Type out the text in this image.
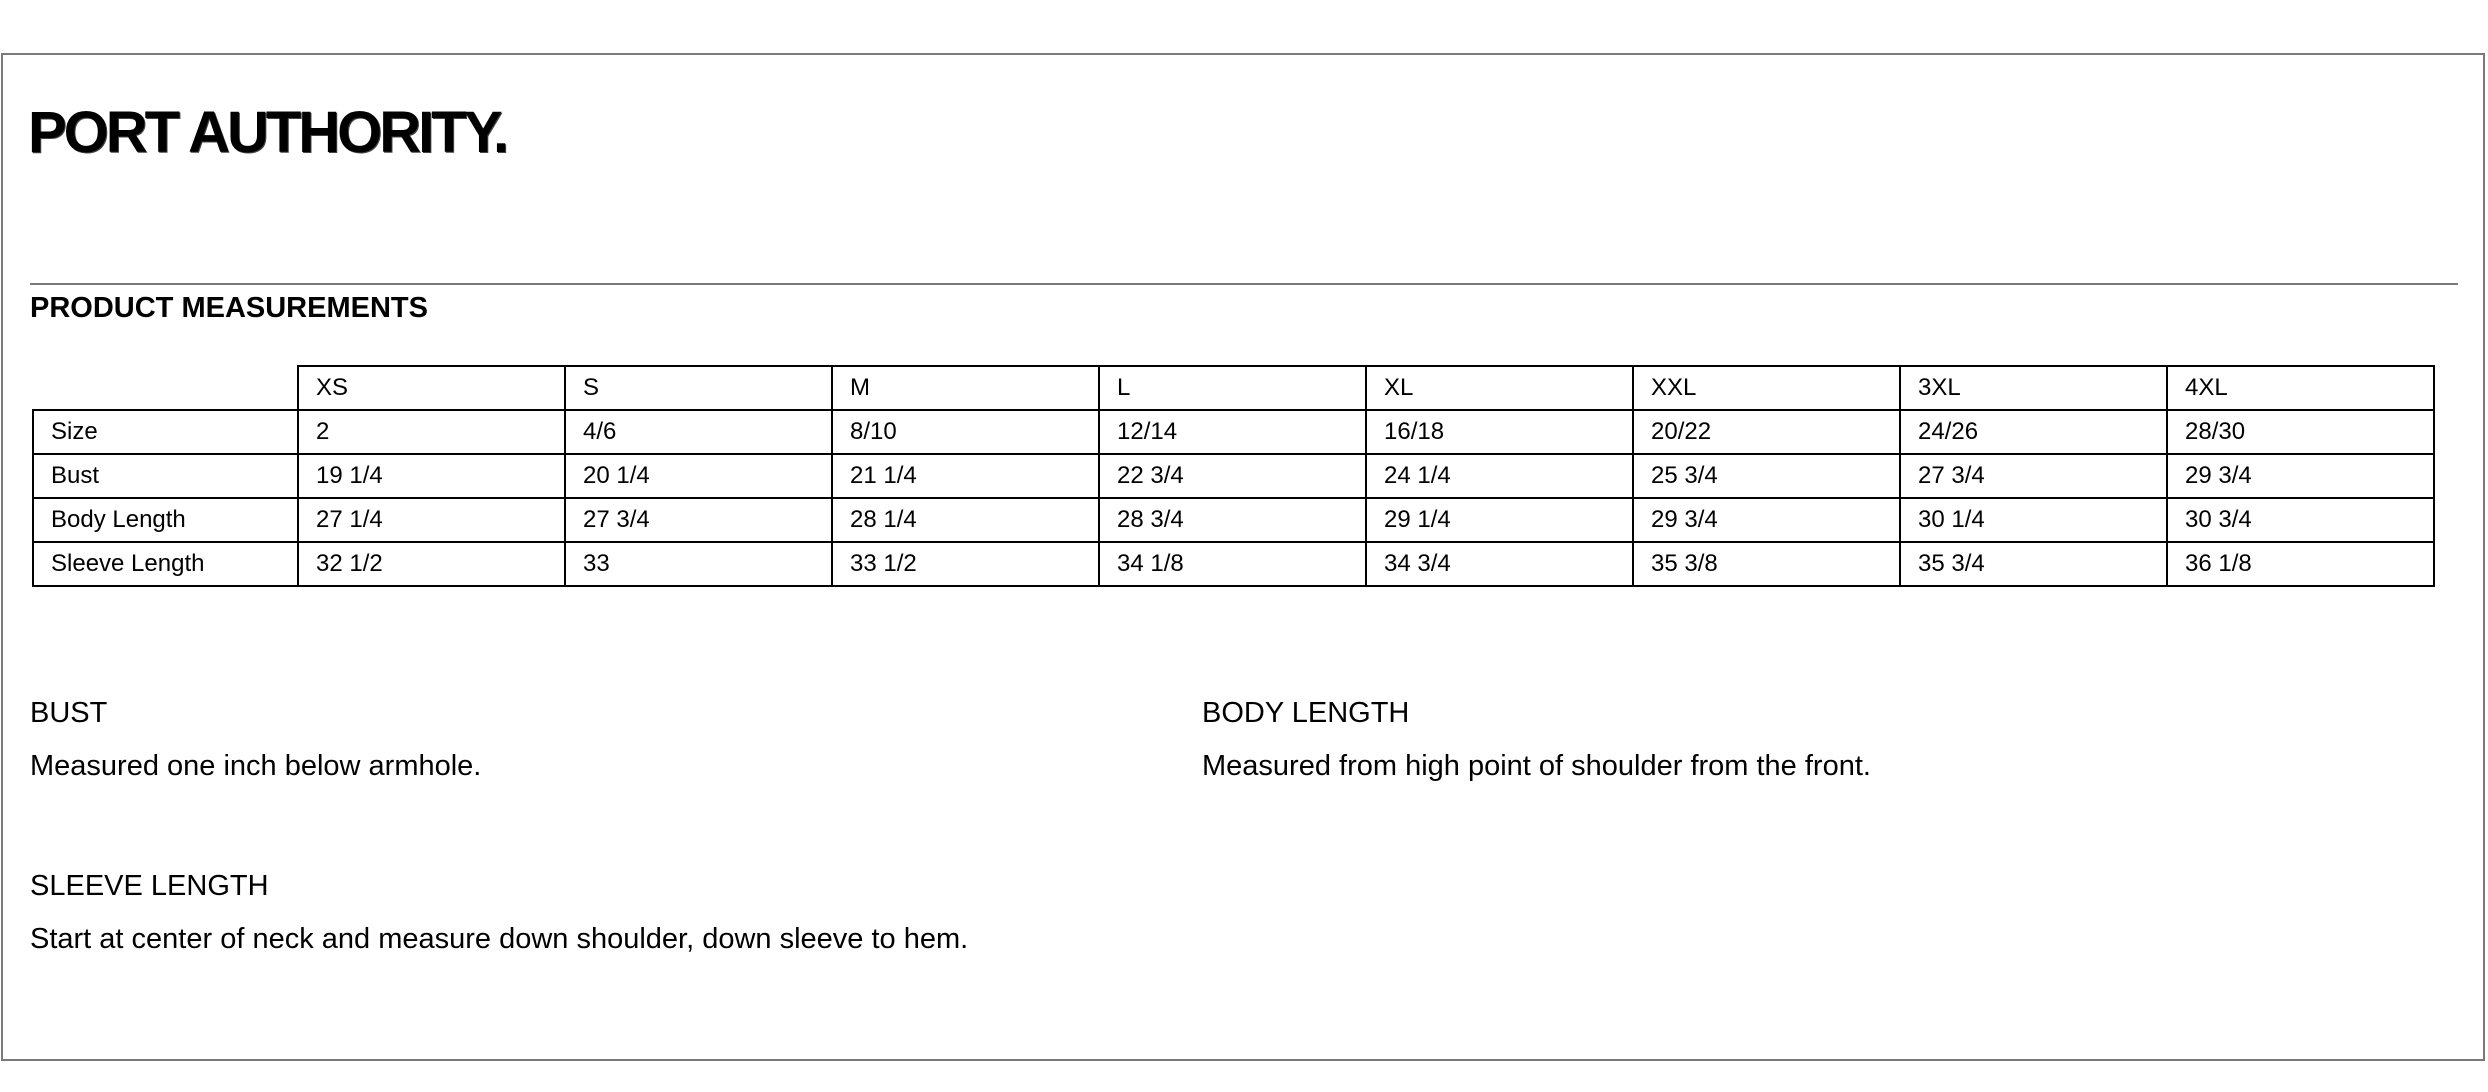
PORT AUTHORITY.
PRODUCT MEASUREMENTS
	XS	S	M	L	XL	XXL	3XL	4XL
Size	2	4/6	8/10	12/14	16/18	20/22	24/26	28/30
Bust	19 1/4	20 1/4	21 1/4	22 3/4	24 1/4	25 3/4	27 3/4	29 3/4
Body Length	27 1/4	27 3/4	28 1/4	28 3/4	29 1/4	29 3/4	30 1/4	30 3/4
Sleeve Length	32 1/2	33	33 1/2	34 1/8	34 3/4	35 3/8	35 3/4	36 1/8
BUST
Measured one inch below armhole.
BODY LENGTH
Measured from high point of shoulder from the front.
SLEEVE LENGTH
Start at center of neck and measure down shoulder, down sleeve to hem.
